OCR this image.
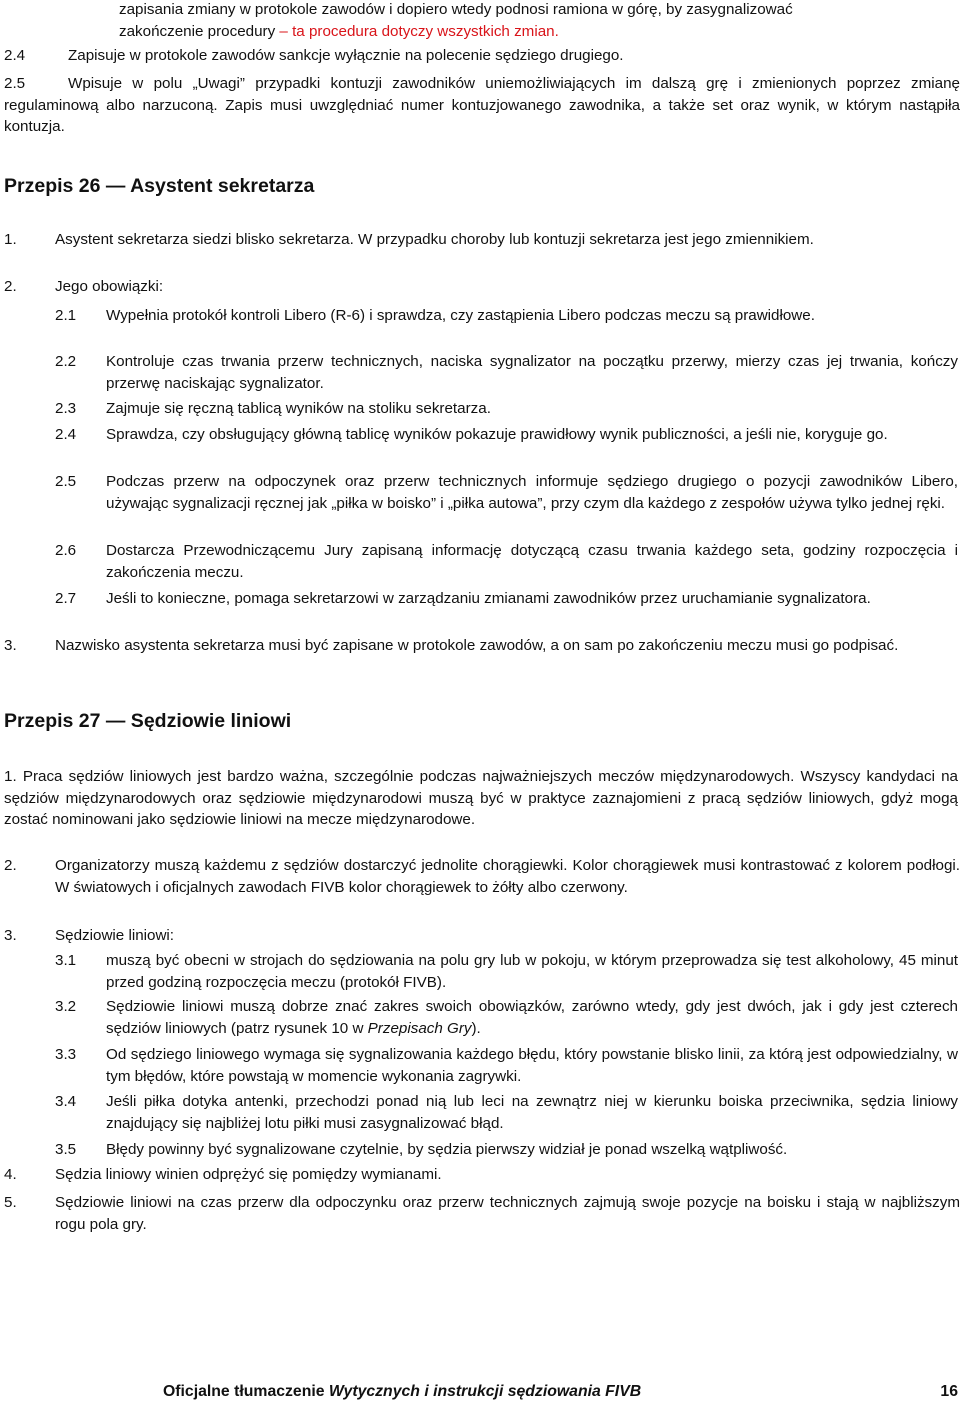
zapisania zmiany w protokole zawodów i dopiero wtedy podnosi ramiona w górę, by zasygnalizować
zakończenie procedury – ta procedura dotyczy wszystkich zmian.

2.4	Zapisuje w protokole zawodów sankcje wyłącznie na polecenie sędziego drugiego.
2.5	Wpisuje w polu „Uwagi” przypadki kontuzji zawodników uniemożliwiających im dalszą grę i zmienionych poprzez zmianę regulaminową albo narzuconą. Zapis musi uwzględniać numer kontuzjowanego zawodnika, a także set oraz wynik, w którym nastąpiła kontuzja.
Przepis 26 — Asystent sekretarza
1.	Asystent sekretarza siedzi blisko sekretarza. W przypadku choroby lub kontuzji sekretarza jest jego zmiennikiem.
2.	Jego obowiązki:
2.1 Wypełnia protokół kontroli Libero (R-6) i sprawdza, czy zastąpienia Libero podczas meczu są prawidłowe.
2.2 Kontroluje czas trwania przerw technicznych, naciska sygnalizator na początku przerwy, mierzy czas jej trwania, kończy przerwę naciskając sygnalizator.
2.3 Zajmuje się ręczną tablicą wyników na stoliku sekretarza.
2.4 Sprawdza, czy obsługujący główną tablicę wyników pokazuje prawidłowy wynik publiczności, a jeśli nie, koryguje go.
2.5 Podczas przerw na odpoczynek oraz przerw technicznych informuje sędziego drugiego o pozycji zawodników Libero, używając sygnalizacji ręcznej jak „piłka w boisko” i „piłka autowa”, przy czym dla każdego z zespołów używa tylko jednej ręki.
2.6 Dostarcza Przewodniczącemu Jury zapisaną informację dotyczącą czasu trwania każdego seta, godziny rozpoczęcia i zakończenia meczu.
2.7 Jeśli to konieczne, pomaga sekretarzowi w zarządzaniu zmianami zawodników przez uruchamianie sygnalizatora.
3.	Nazwisko asystenta sekretarza musi być zapisane w protokole zawodów, a on sam po zakończeniu meczu musi go podpisać.
Przepis 27 — Sędziowie liniowi
1. Praca sędziów liniowych jest bardzo ważna, szczególnie podczas najważniejszych meczów międzynarodowych. Wszyscy kandydaci na sędziów międzynarodowych oraz sędziowie międzynarodowi muszą być w praktyce zaznajomieni z pracą sędziów liniowych, gdyż mogą zostać nominowani jako sędziowie liniowi na mecze międzynarodowe.
2.	Organizatorzy muszą każdemu z sędziów dostarczyć jednolite chorągiewki. Kolor chorągiewek musi kontrastować z kolorem podłogi. W światowych i oficjalnych zawodach FIVB kolor chorągiewek to żółty albo czerwony.
3.	Sędziowie liniowi:
3.1 muszą być obecni w strojach do sędziowania na polu gry lub w pokoju, w którym przeprowadza się test alkoholowy, 45 minut przed godziną rozpoczęcia meczu (protokół FIVB).
3.2 Sędziowie liniowi muszą dobrze znać zakres swoich obowiązków, zarówno wtedy, gdy jest dwóch, jak i gdy jest czterech sędziów liniowych (patrz rysunek 10 w Przepisach Gry).
3.3 Od sędziego liniowego wymaga się sygnalizowania każdego błędu, który powstanie blisko linii, za którą jest odpowiedzialny, w tym błędów, które powstają w momencie wykonania zagrywki.
3.4 Jeśli piłka dotyka antenki, przechodzi ponad nią lub leci na zewnątrz niej w kierunku boiska przeciwnika, sędzia liniowy znajdujący się najbliżej lotu piłki musi zasygnalizować błąd.
3.5 Błędy powinny być sygnalizowane czytelnie, by sędzia pierwszy widział je ponad wszelką wątpliwość.
4.	Sędzia liniowy winien odprężyć się pomiędzy wymianami.
5.	Sędziowie liniowi na czas przerw dla odpoczynku oraz przerw technicznych zajmują swoje pozycje na boisku i stają w najbliższym rogu pola gry.
Oficjalne tłumaczenie Wytycznych i instrukcji sędziowania FIVB	16
